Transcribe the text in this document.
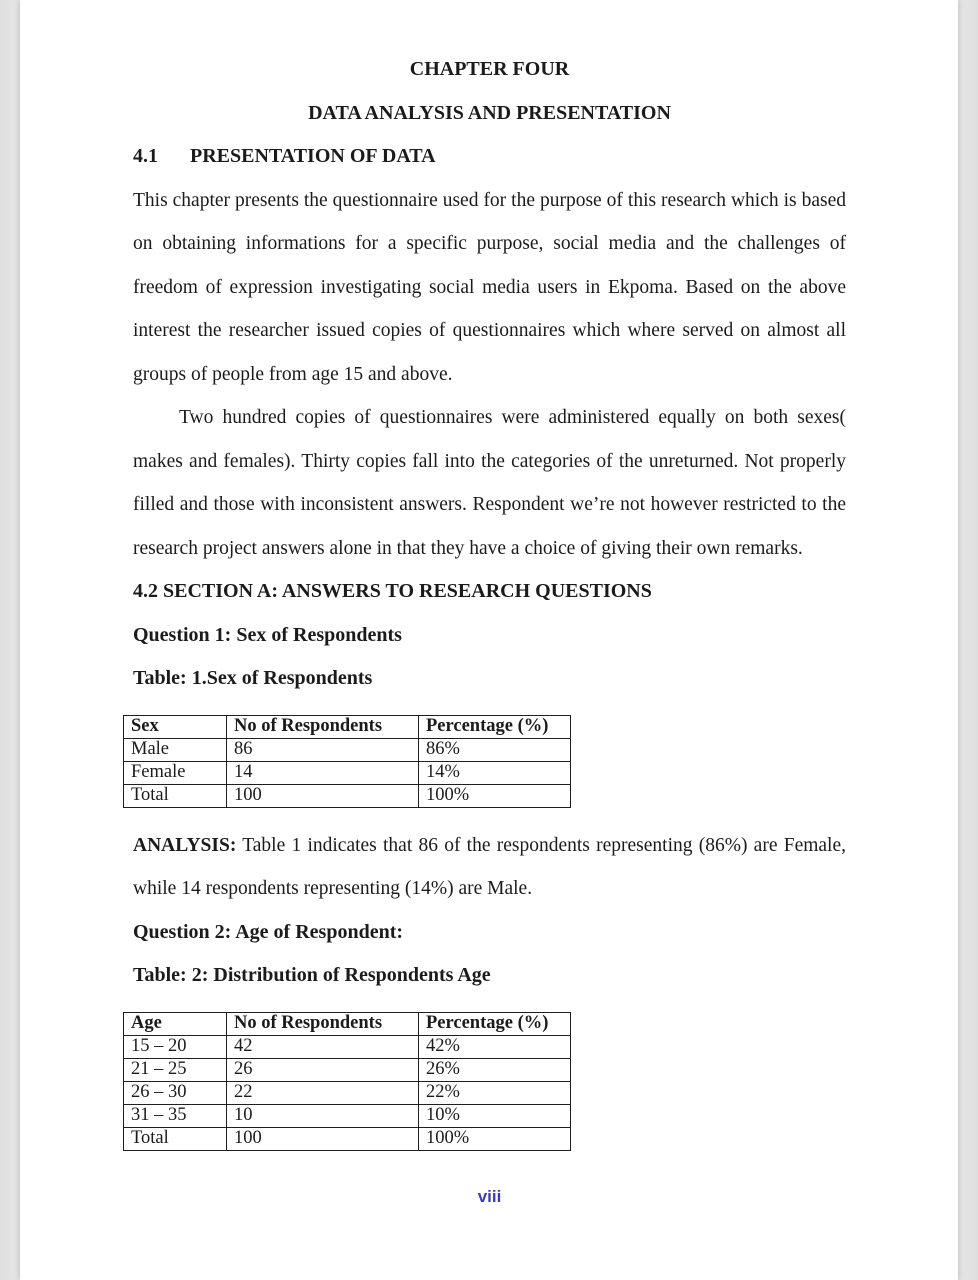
CHAPTER FOUR

DATA ANALYSIS AND PRESENTATION

4.1 PRESENTATION OF DATA

This chapter presents the questionnaire used for the purpose of this research which is based on obtaining informations for a specific purpose, social media and the challenges of freedom of expression investigating social media users in Ekpoma. Based on the above interest the researcher issued copies of questionnaires which where served on almost all groups of people from age 15 and above.

Two hundred copies of questionnaires were administered equally on both sexes( makes and females). Thirty copies fall into the categories of the unreturned. Not properly filled and those with inconsistent answers. Respondent we’re not however restricted to the research project answers alone in that they have a choice of giving their own remarks.

4.2 SECTION A: ANSWERS TO RESEARCH QUESTIONS

Question 1: Sex of Respondents

Table: 1.Sex of Respondents

Sex	No of Respondents	Percentage (%)
Male	86	86%
Female	14	14%
Total	100	100%

ANALYSIS: Table 1 indicates that 86 of the respondents representing (86%) are Female, while 14 respondents representing (14%) are Male.

Question 2: Age of Respondent:

Table: 2: Distribution of Respondents Age

Age	No of Respondents	Percentage (%)
15 – 20	42	42%
21 – 25	26	26%
26 – 30	22	22%
31 – 35	10	10%
Total	100	100%
viii
